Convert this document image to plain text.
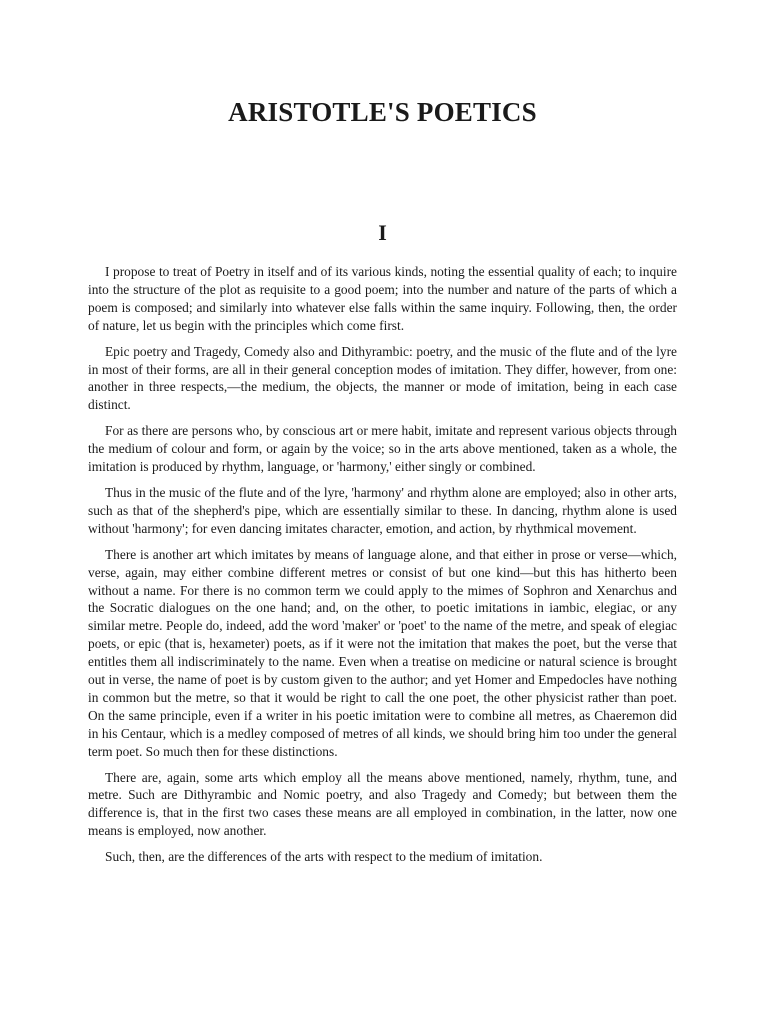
ARISTOTLE'S POETICS
I

I propose to treat of Poetry in itself and of its various kinds, noting the essential quality of each; to inquire into the structure of the plot as requisite to a good poem; into the number and nature of the parts of which a poem is composed; and similarly into whatever else falls within the same inquiry. Following, then, the order of nature, let us begin with the principles which come first.

Epic poetry and Tragedy, Comedy also and Dithyrambic: poetry, and the music of the flute and of the lyre in most of their forms, are all in their general conception modes of imitation. They differ, however, from one: another in three respects,—the medium, the objects, the manner or mode of imitation, being in each case distinct.

For as there are persons who, by conscious art or mere habit, imitate and represent various objects through the medium of colour and form, or again by the voice; so in the arts above mentioned, taken as a whole, the imitation is produced by rhythm, language, or 'harmony,' either singly or combined.

Thus in the music of the flute and of the lyre, 'harmony' and rhythm alone are employed; also in other arts, such as that of the shepherd's pipe, which are essentially similar to these. In dancing, rhythm alone is used without 'harmony'; for even dancing imitates character, emotion, and action, by rhythmical movement.

There is another art which imitates by means of language alone, and that either in prose or verse—which, verse, again, may either combine different metres or consist of but one kind—but this has hitherto been without a name. For there is no common term we could apply to the mimes of Sophron and Xenarchus and the Socratic dialogues on the one hand; and, on the other, to poetic imitations in iambic, elegiac, or any similar metre. People do, indeed, add the word 'maker' or 'poet' to the name of the metre, and speak of elegiac poets, or epic (that is, hexameter) poets, as if it were not the imitation that makes the poet, but the verse that entitles them all indiscriminately to the name. Even when a treatise on medicine or natural science is brought out in verse, the name of poet is by custom given to the author; and yet Homer and Empedocles have nothing in common but the metre, so that it would be right to call the one poet, the other physicist rather than poet. On the same principle, even if a writer in his poetic imitation were to combine all metres, as Chaeremon did in his Centaur, which is a medley composed of metres of all kinds, we should bring him too under the general term poet. So much then for these distinctions.

There are, again, some arts which employ all the means above mentioned, namely, rhythm, tune, and metre. Such are Dithyrambic and Nomic poetry, and also Tragedy and Comedy; but between them the difference is, that in the first two cases these means are all employed in combination, in the latter, now one means is employed, now another.

Such, then, are the differences of the arts with respect to the medium of imitation.
